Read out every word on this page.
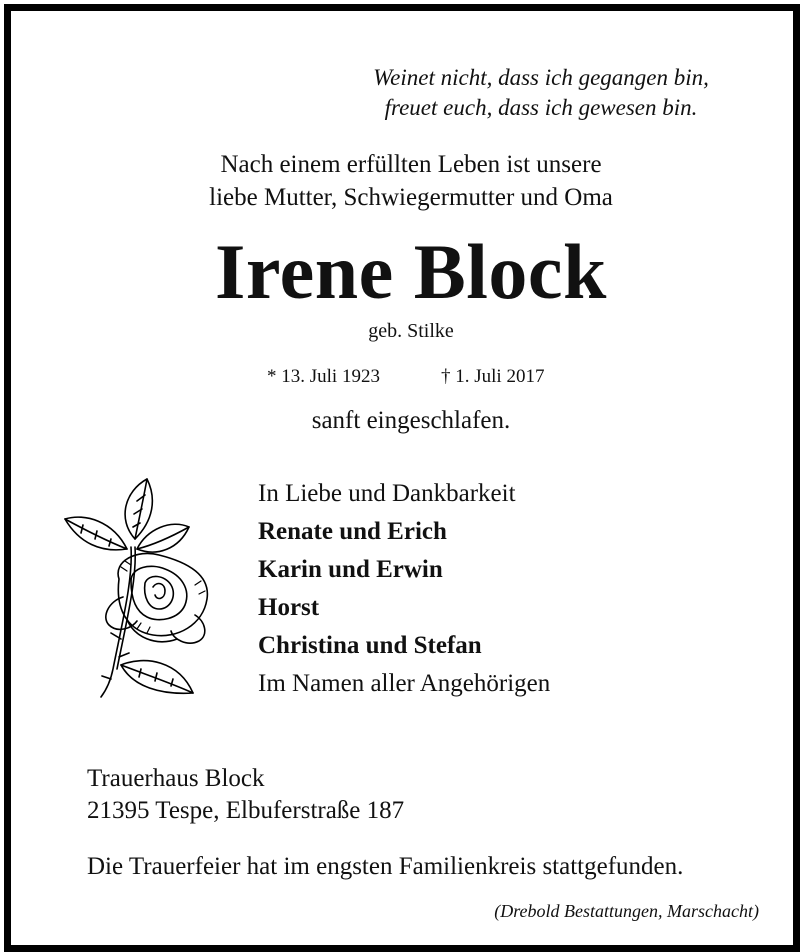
Weinet nicht, dass ich gegangen bin,
freuet euch, dass ich gewesen bin.
Nach einem erfüllten Leben ist unsere
liebe Mutter, Schwiegermutter und Oma
Irene Block
geb. Stilke
* 13. Juli 1923	† 1. Juli 2017
sanft eingeschlafen.
In Liebe und Dankbarkeit
Renate und Erich
Karin und Erwin
Horst
Christina und Stefan
Im Namen aller Angehörigen
Trauerhaus Block
21395 Tespe, Elbuferstraße 187
Die Trauerfeier hat im engsten Familienkreis stattgefunden.
(Drebold Bestattungen, Marschacht)
